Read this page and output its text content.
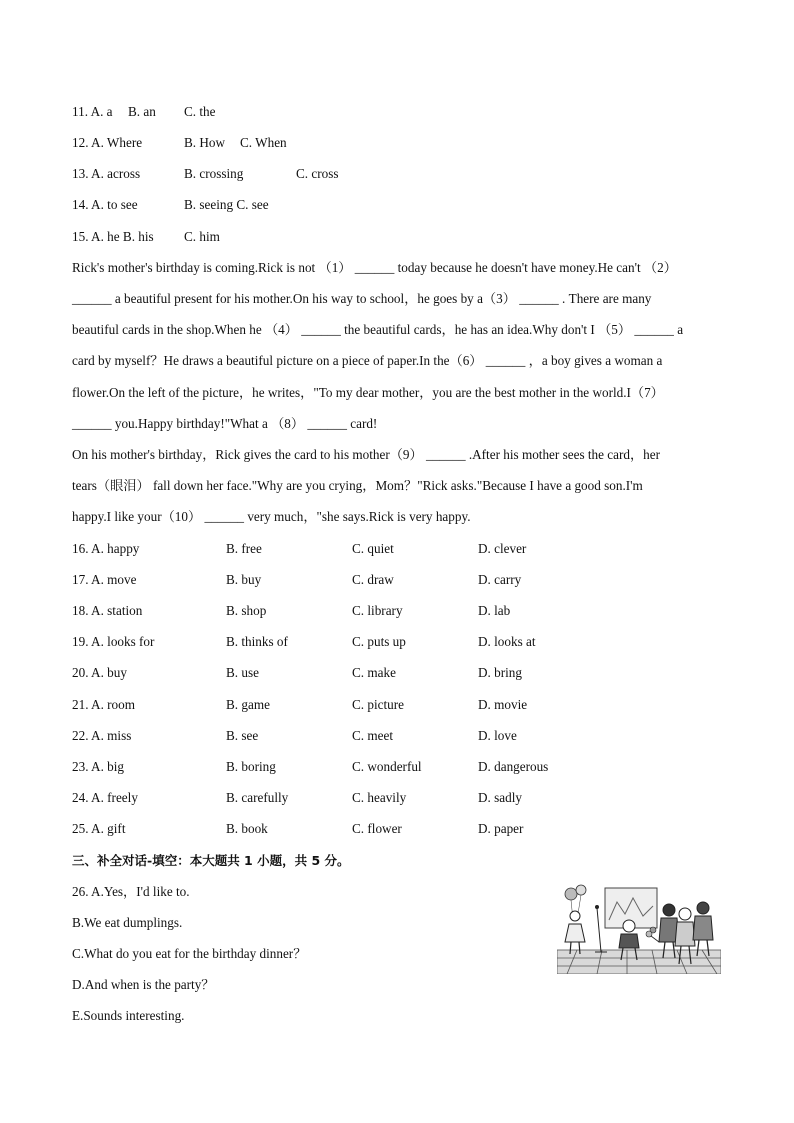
11. A. a B. an C. the
12. A. Where	B. How C. When
13. A. across	B. crossing	C. cross
14. A. to see	B. seeing C. see
15. A. he B. his C. him
Rick's mother's birthday is coming.Rick is not （1） ______ today because he doesn't have money.He can't （2）
______ a beautiful present for his mother.On his way to school，he goes by a（3） ______ . There are many
beautiful cards in the shop.When he （4） ______ the beautiful cards，he has an idea.Why don't I （5） ______ a
card by myself？He draws a beautiful picture on a piece of paper.In the（6） ______ ，a boy gives a woman a
flower.On the left of the picture，he writes，"To my dear mother，you are the best mother in the world.I（7）
______ you.Happy birthday!"What a （8） ______ card!
On his mother's birthday，Rick gives the card to his mother（9） ______ .After his mother sees the card，her
tears（眼泪） fall down her face."Why are you crying，Mom？"Rick asks."Because I have a good son.I'm
happy.I like your（10） ______ very much，"she says.Rick is very happy.
16. A. happy	B. free	C. quiet	D. clever
17. A. move	B. buy	C. draw	D. carry
18. A. station	B. shop	C. library	D. lab
19. A. looks for	B. thinks of	C. puts up	D. looks at
20. A. buy	B. use	C. make	D. bring
21. A. room	B. game	C. picture	D. movie
22. A. miss	B. see	C. meet	D. love
23. A. big	B. boring	C. wonderful	D. dangerous
24. A. freely	B. carefully	C. heavily	D. sadly
25. A. gift	B. book	C. flower	D. paper
三、补全对话-填空：本大题共 1 小题，共 5 分。
26. A.Yes，I'd like to.
B.We eat dumplings.
C.What do you eat for the birthday dinner？
D.And when is the party？
E.Sounds interesting.
